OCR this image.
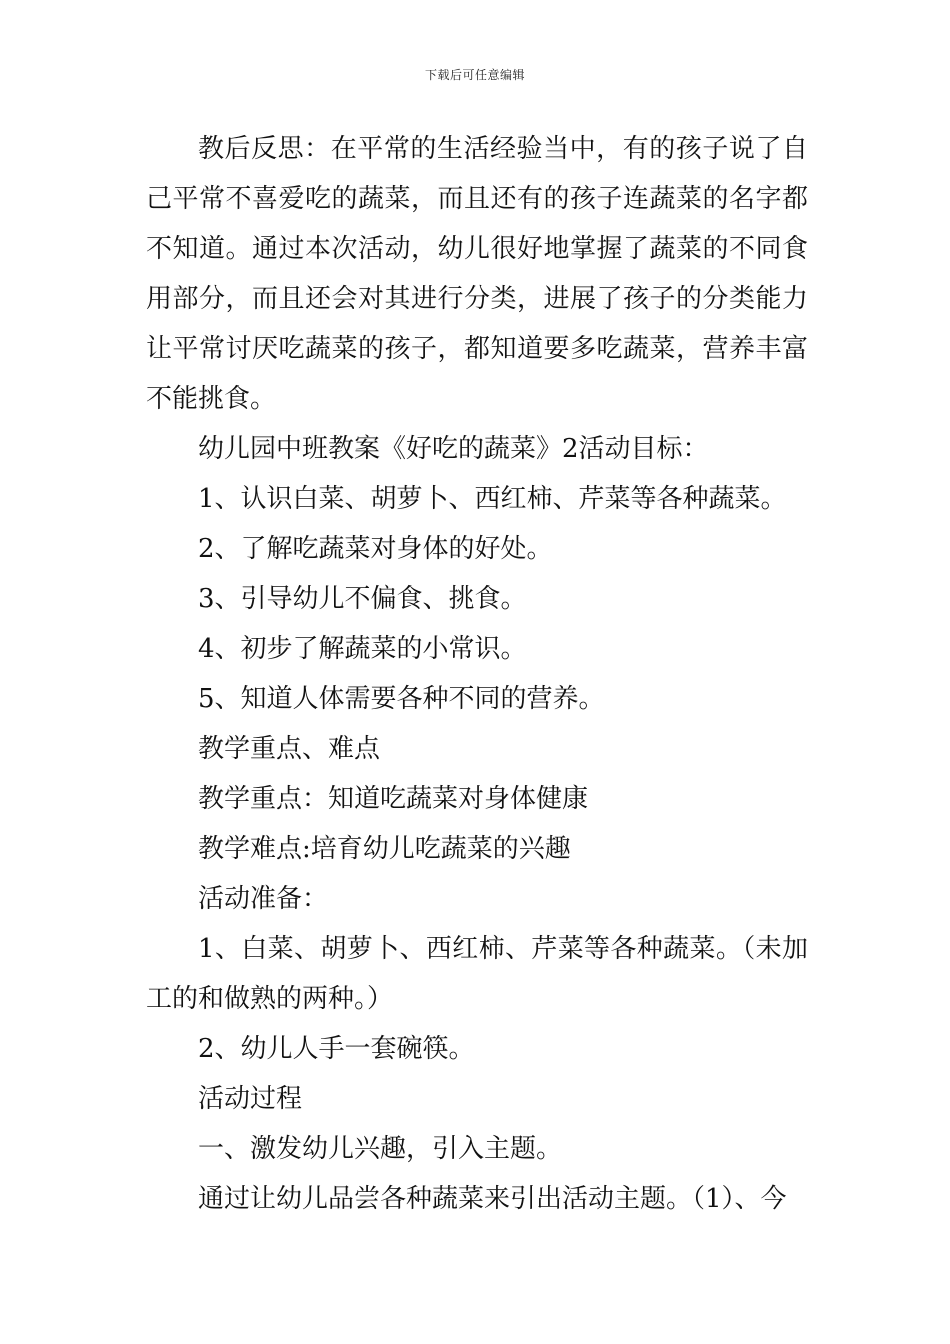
下载后可任意编辑

教后反思：在平常的生活经验当中，有的孩子说了自己平常不喜爱吃的蔬菜，而且还有的孩子连蔬菜的名字都不知道。通过本次活动，幼儿很好地掌握了蔬菜的不同食用部分，而且还会对其进行分类，进展了孩子的分类能力让平常讨厌吃蔬菜的孩子，都知道要多吃蔬菜，营养丰富不能挑食。

幼儿园中班教案《好吃的蔬菜》2活动目标：

1、认识白菜、胡萝卜、西红柿、芹菜等各种蔬菜。

2、了解吃蔬菜对身体的好处。

3、引导幼儿不偏食、挑食。

4、初步了解蔬菜的小常识。

5、知道人体需要各种不同的营养。

教学重点、难点

教学重点：知道吃蔬菜对身体健康

教学难点:培育幼儿吃蔬菜的兴趣

活动准备：

1、白菜、胡萝卜、西红柿、芹菜等各种蔬菜。（未加工的和做熟的两种。）

2、幼儿人手一套碗筷。

活动过程

一、激发幼儿兴趣，引入主题。

通过让幼儿品尝各种蔬菜来引出活动主题。（1）、今
